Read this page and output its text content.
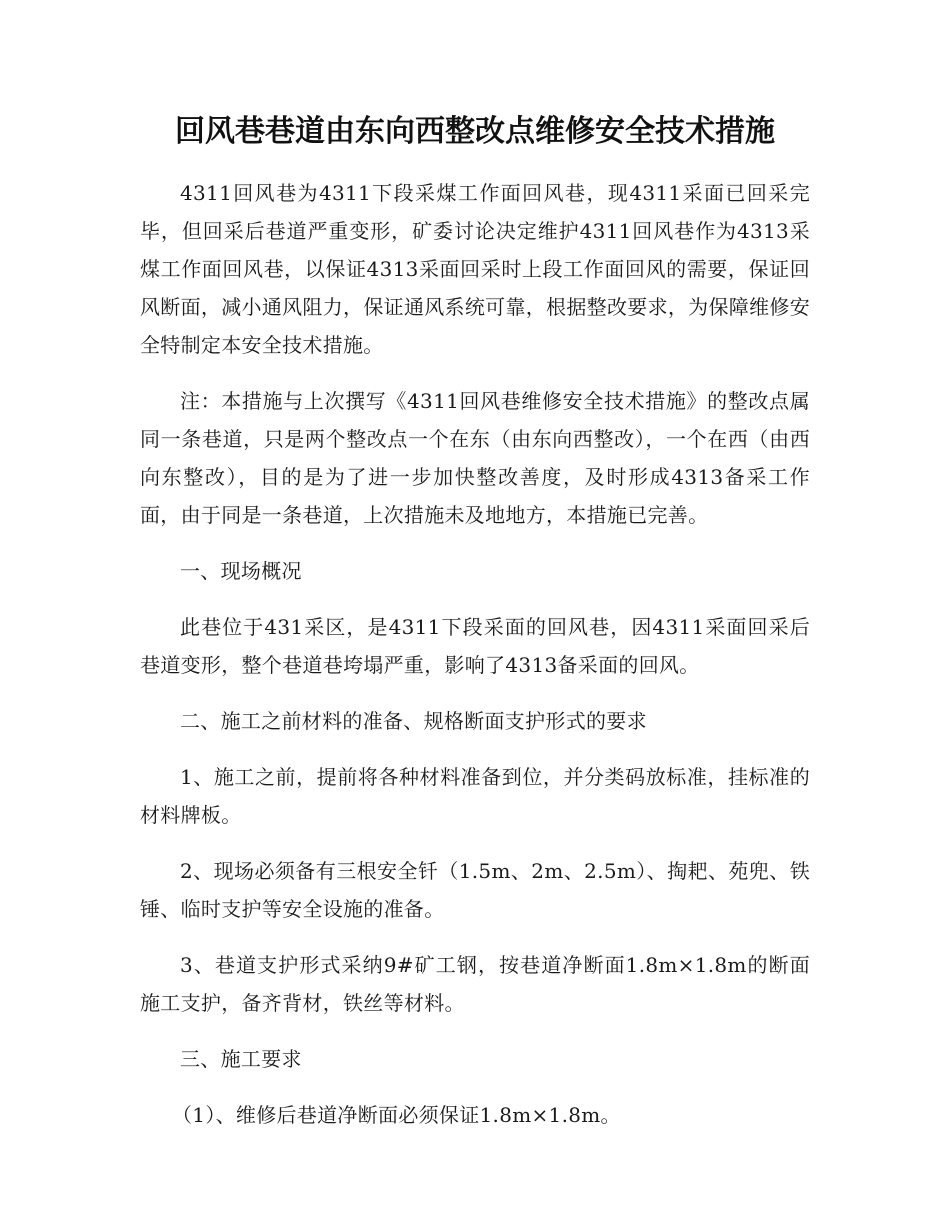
回风巷巷道由东向西整改点维修安全技术措施

4311回风巷为4311下段采煤工作面回风巷，现4311采面已回采完毕，但回采后巷道严重变形，矿委讨论决定维护4311回风巷作为4313采煤工作面回风巷，以保证4313采面回采时上段工作面回风的需要，保证回风断面，减小通风阻力，保证通风系统可靠，根据整改要求，为保障维修安全特制定本安全技术措施。

注：本措施与上次撰写《4311回风巷维修安全技术措施》的整改点属同一条巷道，只是两个整改点一个在东（由东向西整改），一个在西（由西向东整改），目的是为了进一步加快整改善度，及时形成4313备采工作面，由于同是一条巷道，上次措施未及地地方，本措施已完善。

一、现场概况

此巷位于431采区，是4311下段采面的回风巷，因4311采面回采后巷道变形，整个巷道巷垮塌严重，影响了4313备采面的回风。

二、施工之前材料的准备、规格断面支护形式的要求

1、施工之前，提前将各种材料准备到位，并分类码放标准，挂标准的材料牌板。

2、现场必须备有三根安全钎（1.5m、2m、2.5m）、掏耙、苑兜、铁锤、临时支护等安全设施的准备。

3、巷道支护形式采纳9#矿工钢，按巷道净断面1.8m×1.8m的断面施工支护，备齐背材，铁丝等材料。

三、施工要求

（1）、维修后巷道净断面必须保证1.8m×1.8m。
